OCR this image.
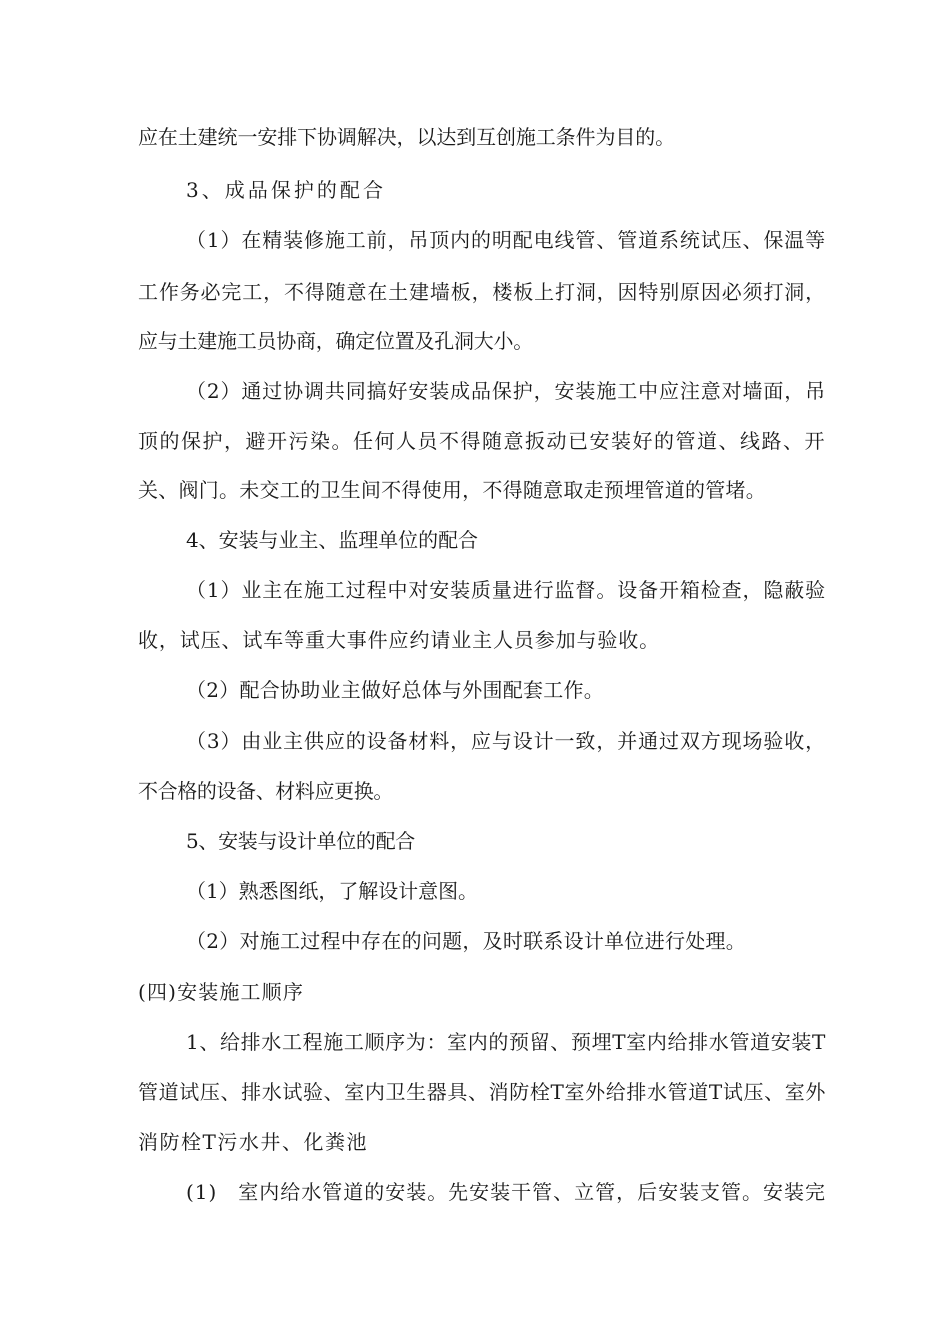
应在土建统一安排下协调解决，以达到互创施工条件为目的。
3、成品保护的配合
（1）在精装修施工前，吊顶内的明配电线管、管道系统试压、保温等
工作务必完工，不得随意在土建墙板，楼板上打洞，因特别原因必须打洞，
应与土建施工员协商，确定位置及孔洞大小。
（2）通过协调共同搞好安装成品保护，安装施工中应注意对墙面，吊
顶的保护，避开污染。任何人员不得随意扳动已安装好的管道、线路、开
关、阀门。未交工的卫生间不得使用，不得随意取走预埋管道的管堵。
4、安装与业主、监理单位的配合
（1）业主在施工过程中对安装质量进行监督。设备开箱检查，隐蔽验
收，试压、试车等重大事件应约请业主人员参加与验收。
（2）配合协助业主做好总体与外围配套工作。
（3）由业主供应的设备材料，应与设计一致，并通过双方现场验收，
不合格的设备、材料应更换。
5、安装与设计单位的配合
（1）熟悉图纸，了解设计意图。
（2）对施工过程中存在的问题，及时联系设计单位进行处理。
(四)安装施工顺序
1、给排水工程施工顺序为：室内的预留、预埋T室内给排水管道安装T
管道试压、排水试验、室内卫生器具、消防栓T室外给排水管道T试压、室外
消防栓T污水井、化粪池
(1)　室内给水管道的安装。先安装干管、立管，后安装支管。安装完
